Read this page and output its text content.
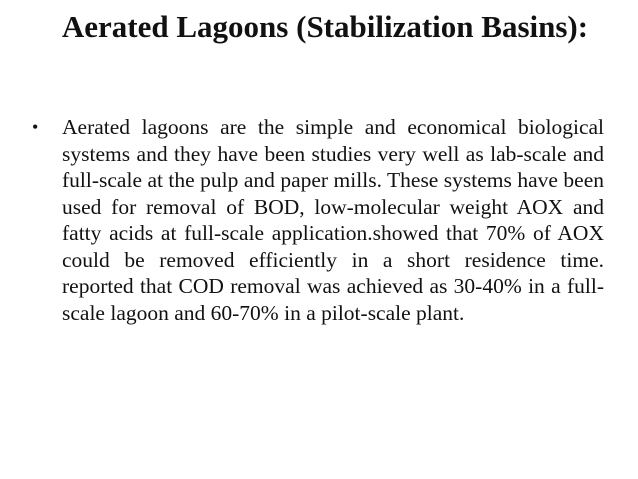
Aerated Lagoons (Stabilization Basins):
• Aerated lagoons are the simple and economical biological systems and they have been studies very well as lab-scale and full-scale at the pulp and paper mills. These systems have been used for removal of BOD, low-molecular weight AOX and fatty acids at full-scale application.showed that 70% of AOX could be removed efficiently in a short residence time. reported that COD removal was achieved as 30-40% in a full-scale lagoon and 60-70% in a pilot-scale plant.
